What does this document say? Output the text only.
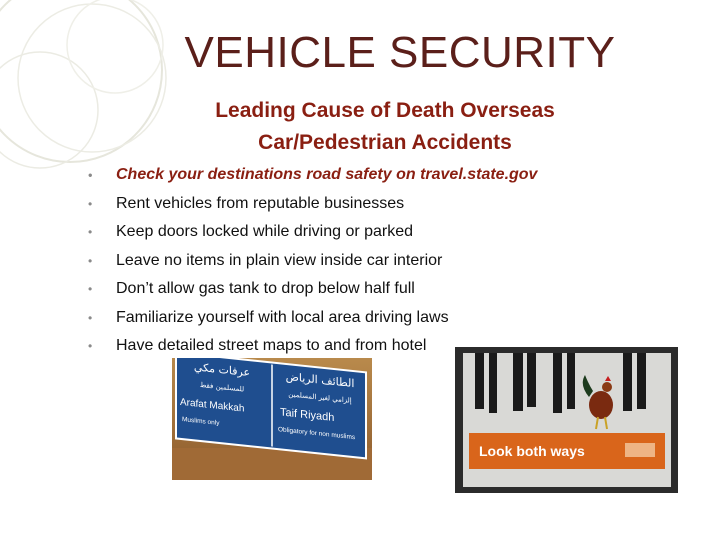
VEHICLE SECURITY
Leading Cause of Death Overseas
Car/Pedestrian Accidents
• Check your destinations road safety on travel.state.gov
• Rent vehicles from reputable businesses
• Keep doors locked while driving or parked
• Leave no items in plain view inside car interior
• Don’t allow gas tank to drop below half full
• Familiarize yourself with local area driving laws
• Have detailed street maps to and from hotel
عرفات مكي
الطائف الرياض
للمسلمين فقط
إلزامي لغير المسلمين
Arafat Makkah
Taif Riyadh
Muslims only
Obligatory for non muslims
Look both ways
